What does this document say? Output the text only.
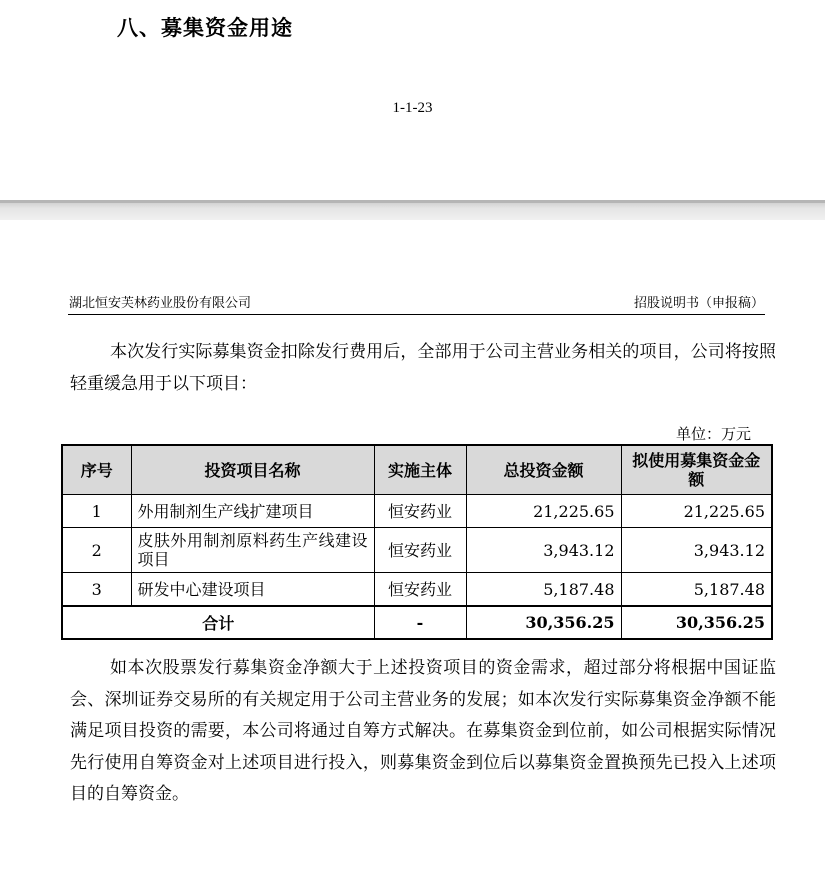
八、募集资金用途
1-1-23
湖北恒安芙林药业股份有限公司	招股说明书（申报稿）

本次发行实际募集资金扣除发行费用后，全部用于公司主营业务相关的项目，公司将按照轻重缓急用于以下项目：

单位：万元
序号	投资项目名称	实施主体	总投资金额	拟使用募集资金金额
1	外用制剂生产线扩建项目	恒安药业	21,225.65	21,225.65
2	皮肤外用制剂原料药生产线建设项目	恒安药业	3,943.12	3,943.12
3	研发中心建设项目	恒安药业	5,187.48	5,187.48
合计		-	30,356.25	30,356.25

如本次股票发行募集资金净额大于上述投资项目的资金需求，超过部分将根据中国证监会、深圳证券交易所的有关规定用于公司主营业务的发展；如本次发行实际募集资金净额不能满足项目投资的需要，本公司将通过自筹方式解决。在募集资金到位前，如公司根据实际情况先行使用自筹资金对上述项目进行投入，则募集资金到位后以募集资金置换预先已投入上述项目的自筹资金。
